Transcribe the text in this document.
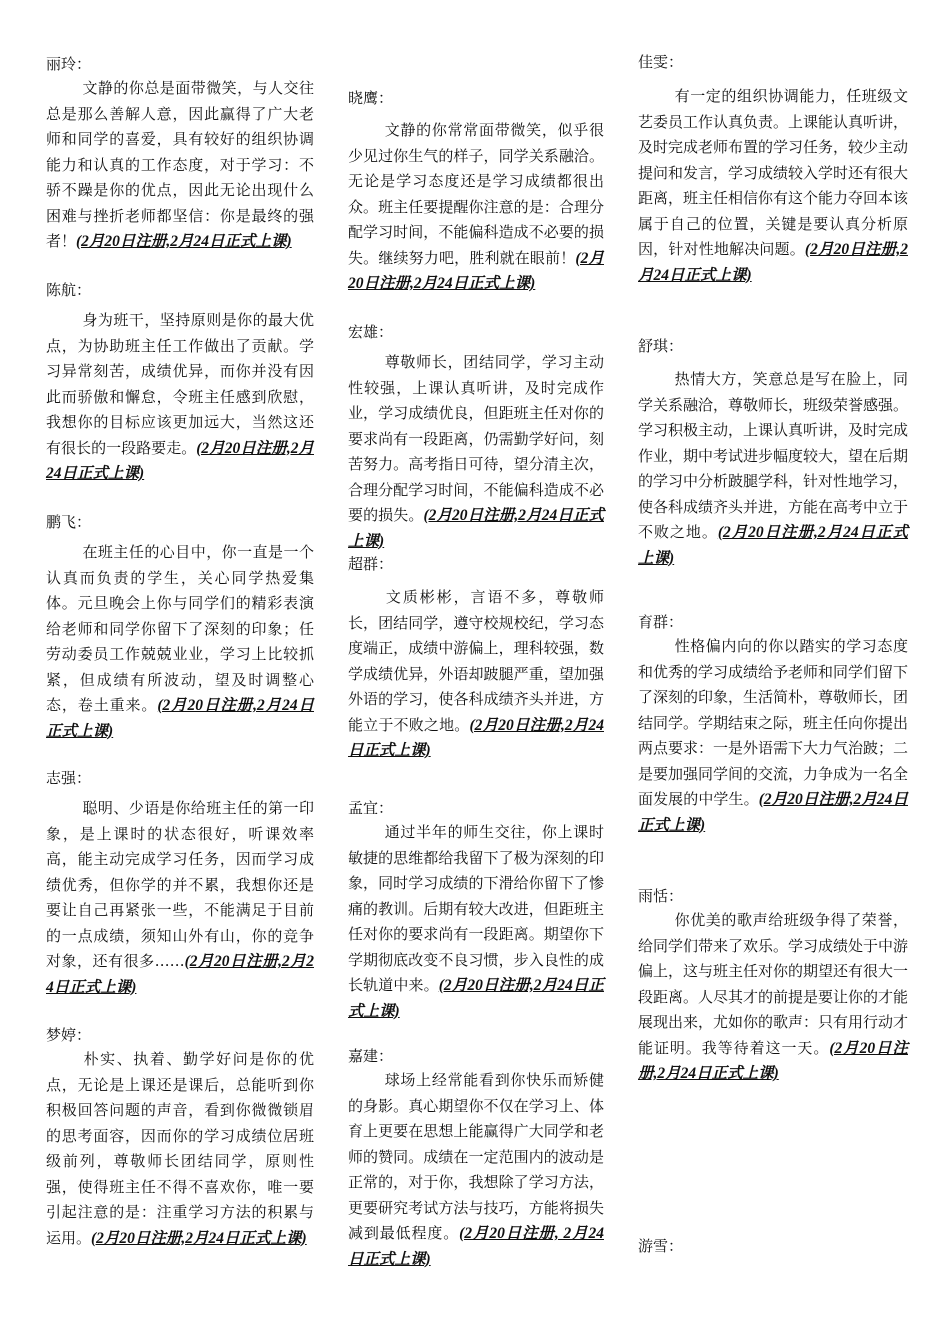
丽玲：
文静的你总是面带微笑，与人交往总是那么善解人意，因此赢得了广大老师和同学的喜爱，具有较好的组织协调能力和认真的工作态度，对于学习：不骄不躁是你的优点，因此无论出现什么困难与挫折老师都坚信：你是最终的强者！(2月20日注册,2月24日正式上课)
陈航：
身为班干，坚持原则是你的最大优点，为协助班主任工作做出了贡献。学习异常刻苦，成绩优异，而你并没有因此而骄傲和懈怠，令班主任感到欣慰，我想你的目标应该更加远大，当然这还有很长的一段路要走。(2月20日注册,2月24日正式上课)
鹏飞：
在班主任的心目中，你一直是一个认真而负责的学生，关心同学热爱集体。元旦晚会上你与同学们的精彩表演给老师和同学你留下了深刻的印象；任劳动委员工作兢兢业业，学习上比较抓紧，但成绩有所波动，望及时调整心态，卷土重来。(2月20日注册,2月24日正式上课)
志强：
聪明、少语是你给班主任的第一印象，是上课时的状态很好，听课效率高，能主动完成学习任务，因而学习成绩优秀，但你学的并不累，我想你还是要让自己再紧张一些，不能满足于目前的一点成绩，须知山外有山，你的竞争对象，还有很多……(2月20日注册,2月24日正式上课)
梦婷：
朴实、执着、勤学好问是你的优点，无论是上课还是课后，总能听到你积极回答问题的声音，看到你微微锁眉的思考面容，因而你的学习成绩位居班级前列，尊敬师长团结同学，原则性强，使得班主任不得不喜欢你，唯一要引起注意的是：注重学习方法的积累与运用。(2月20日注册,2月24日正式上课)
晓鹰：
文静的你常常面带微笑，似乎很少见过你生气的样子，同学关系融洽。无论是学习态度还是学习成绩都很出众。班主任要提醒你注意的是：合理分配学习时间，不能偏科造成不必要的损失。继续努力吧，胜利就在眼前！(2月20日注册,2月24日正式上课)
宏雄：
尊敬师长，团结同学，学习主动性较强，上课认真听讲，及时完成作业，学习成绩优良，但距班主任对你的要求尚有一段距离，仍需勤学好问，刻苦努力。高考指日可待，望分清主次，合理分配学习时间，不能偏科造成不必要的损失。(2月20日注册,2月24日正式上课)
超群：
文质彬彬，言语不多，尊敬师长，团结同学，遵守校规校纪，学习态度端正，成绩中游偏上，理科较强，数学成绩优异，外语却跛腿严重，望加强外语的学习，使各科成绩齐头并进，方能立于不败之地。(2月20日注册,2月24日正式上课)
孟宜：
通过半年的师生交往，你上课时敏捷的思维都给我留下了极为深刻的印象，同时学习成绩的下滑给你留下了惨痛的教训。后期有较大改进，但距班主任对你的要求尚有一段距离。期望你下学期彻底改变不良习惯，步入良性的成长轨道中来。(2月20日注册,2月24日正式上课)
嘉建：
球场上经常能看到你快乐而矫健的身影。真心期望你不仅在学习上、体育上更要在思想上能赢得广大同学和老师的赞同。成绩在一定范围内的波动是正常的，对于你，我想除了学习方法，更要研究考试方法与技巧，方能将损失减到最低程度。(2月20日注册, 2月24日正式上课)
佳雯：
有一定的组织协调能力，任班级文艺委员工作认真负责。上课能认真听讲，及时完成老师布置的学习任务，较少主动提问和发言，学习成绩较入学时还有很大距离，班主任相信你有这个能力夺回本该属于自己的位置，关键是要认真分析原因，针对性地解决问题。(2月20日注册,2月24日正式上课)
舒琪：
热情大方，笑意总是写在脸上，同学关系融洽，尊敬师长，班级荣誉感强。学习积极主动，上课认真听讲，及时完成作业，期中考试进步幅度较大，望在后期的学习中分析跛腿学科，针对性地学习，使各科成绩齐头并进，方能在高考中立于不败之地。(2月20日注册,2月24日正式上课)
育群：
性格偏内向的你以踏实的学习态度和优秀的学习成绩给予老师和同学们留下了深刻的印象，生活简朴，尊敬师长，团结同学。学期结束之际，班主任向你提出两点要求：一是外语需下大力气治跛；二是要加强同学间的交流，力争成为一名全面发展的中学生。(2月20日注册,2月24日正式上课)
雨恬：
你优美的歌声给班级争得了荣誉，给同学们带来了欢乐。学习成绩处于中游偏上，这与班主任对你的期望还有很大一段距离。人尽其才的前提是要让你的才能展现出来，尤如你的歌声：只有用行动才能证明。我等待着这一天。(2月20日注册,2月24日正式上课)
游雪：
